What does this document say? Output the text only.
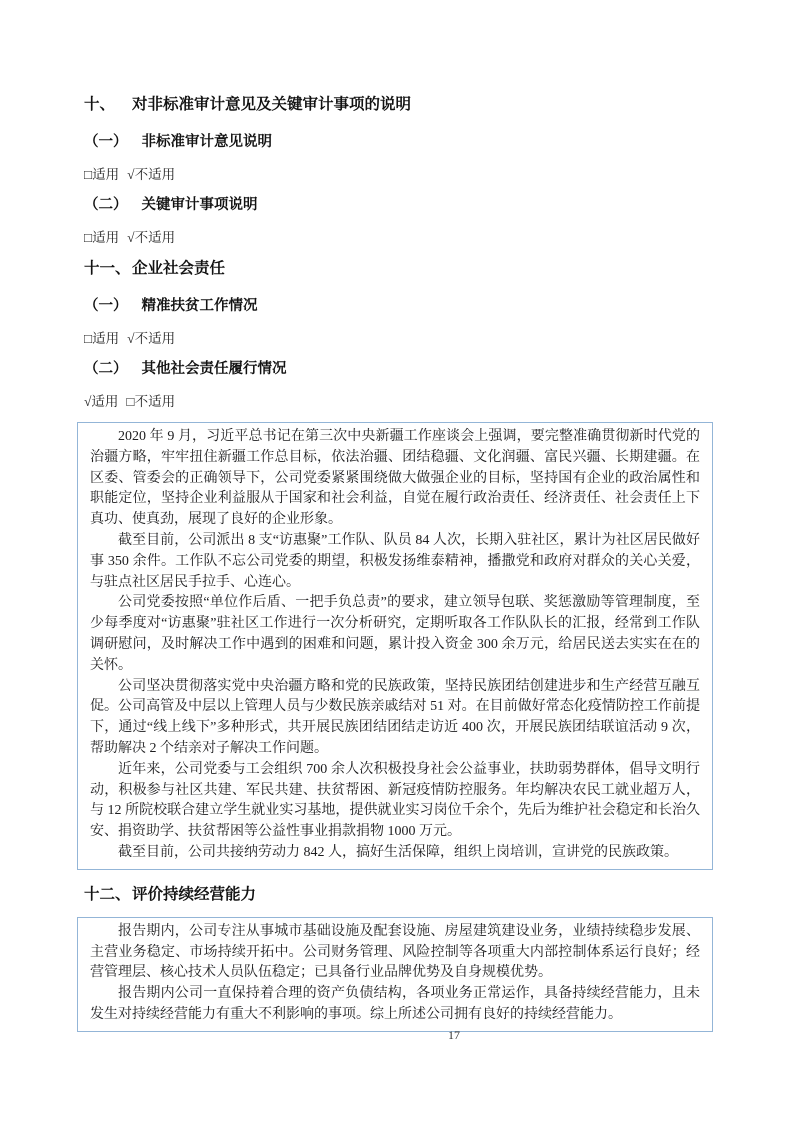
十、 对非标准审计意见及关键审计事项的说明
（一） 非标准审计意见说明

□适用 √不适用

（二） 关键审计事项说明

□适用 √不适用

十一、企业社会责任
（一） 精准扶贫工作情况

□适用 √不适用

（二） 其他社会责任履行情况

√适用 □不适用

2020 年 9 月，习近平总书记在第三次中央新疆工作座谈会上强调，要完整准确贯彻新时代党的治疆方略，牢牢扭住新疆工作总目标，依法治疆、团结稳疆、文化润疆、富民兴疆、长期建疆。在区委、管委会的正确领导下，公司党委紧紧围绕做大做强企业的目标，坚持国有企业的政治属性和职能定位，坚持企业利益服从于国家和社会利益，自觉在履行政治责任、经济责任、社会责任上下真功、使真劲，展现了良好的企业形象。

截至目前，公司派出 8 支“访惠聚”工作队、队员 84 人次，长期入驻社区，累计为社区居民做好事 350 余件。工作队不忘公司党委的期望，积极发扬维泰精神，播撒党和政府对群众的关心关爱，与驻点社区居民手拉手、心连心。

公司党委按照“单位作后盾、一把手负总责”的要求，建立领导包联、奖惩激励等管理制度，至少每季度对“访惠聚”驻社区工作进行一次分析研究，定期听取各工作队队长的汇报，经常到工作队调研慰问，及时解决工作中遇到的困难和问题，累计投入资金 300 余万元，给居民送去实实在在的关怀。

公司坚决贯彻落实党中央治疆方略和党的民族政策，坚持民族团结创建进步和生产经营互融互促。公司高管及中层以上管理人员与少数民族亲戚结对 51 对。在目前做好常态化疫情防控工作前提下，通过“线上线下”多种形式，共开展民族团结团结走访近 400 次，开展民族团结联谊活动 9 次，帮助解决 2 个结亲对子解决工作问题。

近年来，公司党委与工会组织 700 余人次积极投身社会公益事业，扶助弱势群体，倡导文明行动，积极参与社区共建、军民共建、扶贫帮困、新冠疫情防控服务。年均解决农民工就业超万人，与 12 所院校联合建立学生就业实习基地，提供就业实习岗位千余个，先后为维护社会稳定和长治久安、捐资助学、扶贫帮困等公益性事业捐款捐物 1000 万元。

截至目前，公司共接纳劳动力 842 人，搞好生活保障，组织上岗培训，宣讲党的民族政策。

十二、评价持续经营能力

报告期内，公司专注从事城市基础设施及配套设施、房屋建筑建设业务，业绩持续稳步发展、主营业务稳定、市场持续开拓中。公司财务管理、风险控制等各项重大内部控制体系运行良好；经营管理层、核心技术人员队伍稳定；已具备行业品牌优势及自身规模优势。

报告期内公司一直保持着合理的资产负债结构，各项业务正常运作，具备持续经营能力，且未发生对持续经营能力有重大不利影响的事项。综上所述公司拥有良好的持续经营能力。

17
